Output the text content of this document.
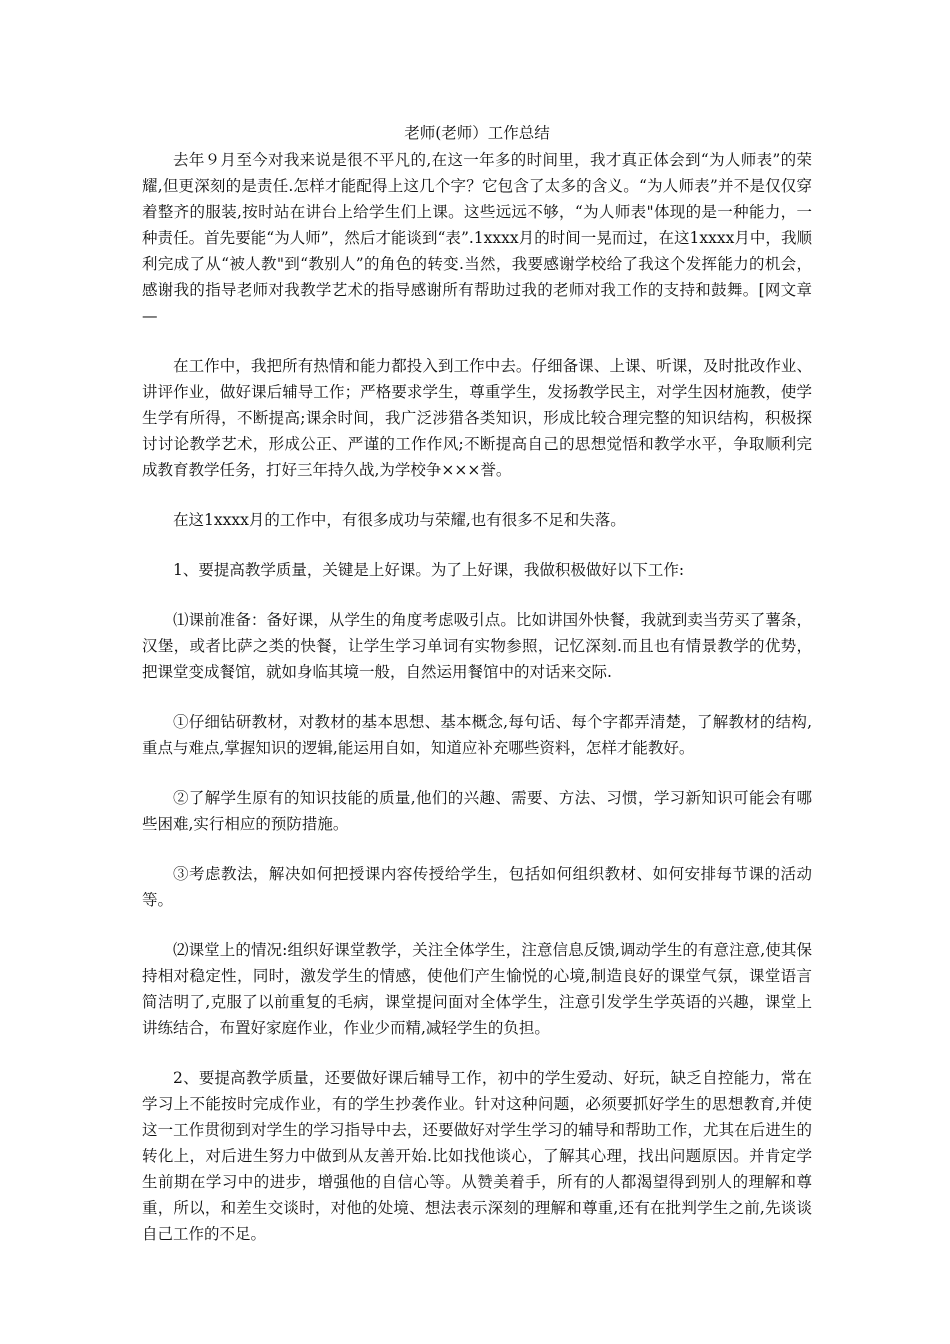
老师(老师）工作总结

去年９月至今对我来说是很不平凡的,在这一年多的时间里，我才真正体会到“为人师表”的荣耀,但更深刻的是责任.怎样才能配得上这几个字？它包含了太多的含义。“为人师表”并不是仅仅穿着整齐的服装,按时站在讲台上给学生们上课。这些远远不够，“为人师表"体现的是一种能力，一种责任。首先要能“为人师”，然后才能谈到“表”.1xxxx月的时间一晃而过，在这1xxxx月中，我顺利完成了从“被人教"到“教别人”的角色的转变.当然，我要感谢学校给了我这个发挥能力的机会，感谢我的指导老师对我教学艺术的指导感谢所有帮助过我的老师对我工作的支持和鼓舞。[网文章—

在工作中，我把所有热情和能力都投入到工作中去。仔细备课、上课、听课，及时批改作业、讲评作业，做好课后辅导工作；严格要求学生，尊重学生，发扬教学民主，对学生因材施教，使学生学有所得，不断提高;课余时间，我广泛涉猎各类知识，形成比较合理完整的知识结构，积极探讨讨论教学艺术，形成公正、严谨的工作作风;不断提高自己的思想觉悟和教学水平，争取顺利完成教育教学任务，打好三年持久战,为学校争×××誉。

在这1xxxx月的工作中，有很多成功与荣耀,也有很多不足和失落。

1、要提高教学质量，关键是上好课。为了上好课，我做积极做好以下工作:

⑴课前准备：备好课，从学生的角度考虑吸引点。比如讲国外快餐，我就到卖当劳买了薯条，汉堡，或者比萨之类的快餐，让学生学习单词有实物参照，记忆深刻.而且也有情景教学的优势，把课堂变成餐馆，就如身临其境一般，自然运用餐馆中的对话来交际.

①仔细钻研教材，对教材的基本思想、基本概念,每句话、每个字都弄清楚，了解教材的结构,重点与难点,掌握知识的逻辑,能运用自如，知道应补充哪些资料，怎样才能教好。

②了解学生原有的知识技能的质量,他们的兴趣、需要、方法、习惯，学习新知识可能会有哪些困难,实行相应的预防措施。

③考虑教法，解决如何把授课内容传授给学生，包括如何组织教材、如何安排每节课的活动等。

⑵课堂上的情况:组织好课堂教学，关注全体学生，注意信息反馈,调动学生的有意注意,使其保持相对稳定性，同时，激发学生的情感，使他们产生愉悦的心境,制造良好的课堂气氛，课堂语言简洁明了,克服了以前重复的毛病，课堂提问面对全体学生，注意引发学生学英语的兴趣，课堂上讲练结合，布置好家庭作业，作业少而精,减轻学生的负担。

2、要提高教学质量，还要做好课后辅导工作，初中的学生爱动、好玩，缺乏自控能力，常在学习上不能按时完成作业，有的学生抄袭作业。针对这种问题，必须要抓好学生的思想教育,并使这一工作贯彻到对学生的学习指导中去，还要做好对学生学习的辅导和帮助工作，尤其在后进生的转化上，对后进生努力中做到从友善开始.比如找他谈心，了解其心理，找出问题原因。并肯定学生前期在学习中的进步，增强他的自信心等。从赞美着手，所有的人都渴望得到别人的理解和尊重，所以，和差生交谈时，对他的处境、想法表示深刻的理解和尊重,还有在批判学生之前,先谈谈自己工作的不足。
